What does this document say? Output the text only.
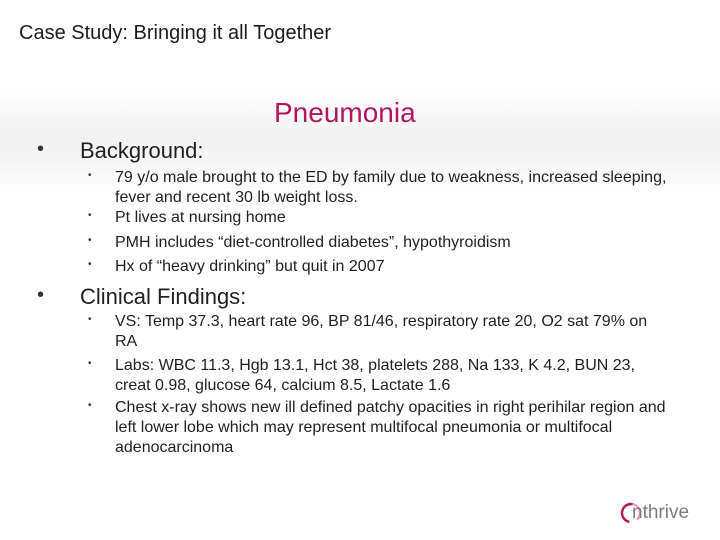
Case Study: Bringing it all Together
Pneumonia
• Background:
• 79 y/o male brought to the ED by family due to weakness, increased sleeping, fever and recent 30 lb weight loss.
• Pt lives at nursing home
• PMH includes “diet-controlled diabetes”, hypothyroidism
• Hx of “heavy drinking” but quit in 2007
• Clinical Findings:
• VS: Temp 37.3, heart rate 96, BP 81/46, respiratory rate 20, O2 sat 79% on RA
• Labs: WBC 11.3, Hgb 13.1, Hct 38, platelets 288, Na 133, K 4.2, BUN 23, creat 0.98, glucose 64, calcium 8.5, Lactate 1.6
• Chest x-ray shows new ill defined patchy opacities in right perihilar region and left lower lobe which may represent multifocal pneumonia or multifocal adenocarcinoma
nthrive
